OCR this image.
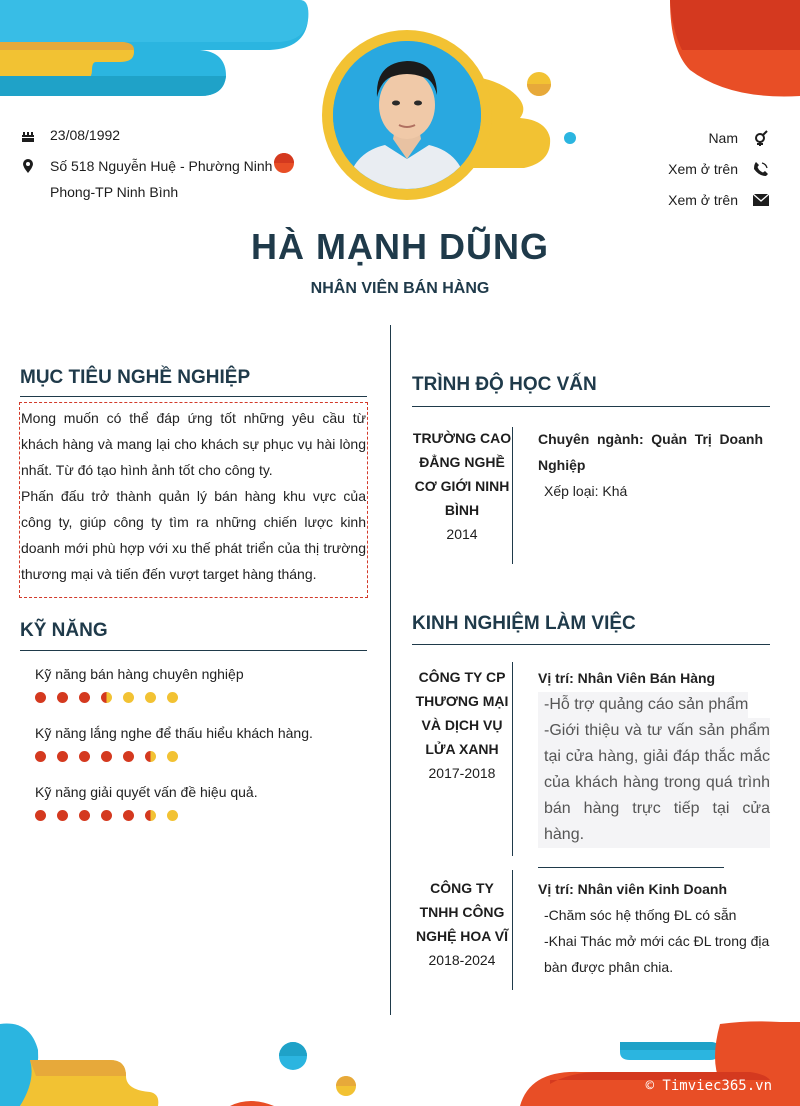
23/08/1992
Số 518 Nguyễn Huệ - Phường Ninh Phong-TP Ninh Bình
Nam
Xem ở trên
Xem ở trên
HÀ MẠNH DŨNG
NHÂN VIÊN BÁN HÀNG
MỤC TIÊU NGHỀ NGHIỆP
Mong muốn có thể đáp ứng tốt những yêu cầu từ khách hàng và mang lại cho khách sự phục vụ hài lòng nhất. Từ đó tạo hình ảnh tốt cho công ty.
Phấn đấu trở thành quản lý bán hàng khu vực của công ty, giúp công ty tìm ra những chiến lược kinh doanh mới phù hợp với xu thế phát triển của thị trường thương mại và tiến đến vượt target hàng tháng.
KỸ NĂNG
Kỹ năng bán hàng chuyên nghiệp
Kỹ năng lắng nghe để thấu hiểu khách hàng.
Kỹ năng giải quyết vấn đề hiệu quả.
TRÌNH ĐỘ HỌC VẤN
TRƯỜNG CAO ĐẲNG NGHỀ CƠ GIỚI NINH BÌNH
2014
Chuyên ngành: Quản Trị Doanh Nghiệp
Xếp loại: Khá
KINH NGHIỆM LÀM VIỆC
CÔNG TY CP THƯƠNG MẠI VÀ DỊCH VỤ LỬA XANH
2017-2018
Vị trí: Nhân Viên Bán Hàng
-Hỗ trợ quảng cáo sản phẩm
-Giới thiệu và tư vấn sản phẩm tại cửa hàng, giải đáp thắc mắc của khách hàng trong quá trình bán hàng trực tiếp tại cửa hàng.
CÔNG TY TNHH CÔNG NGHỆ HOA VĨ
2018-2024
Vị trí: Nhân viên Kinh Doanh
-Chăm sóc hệ thống ĐL có sẵn
-Khai Thác mở mới các ĐL trong địa bàn được phân chia.
© Timviec365.vn
